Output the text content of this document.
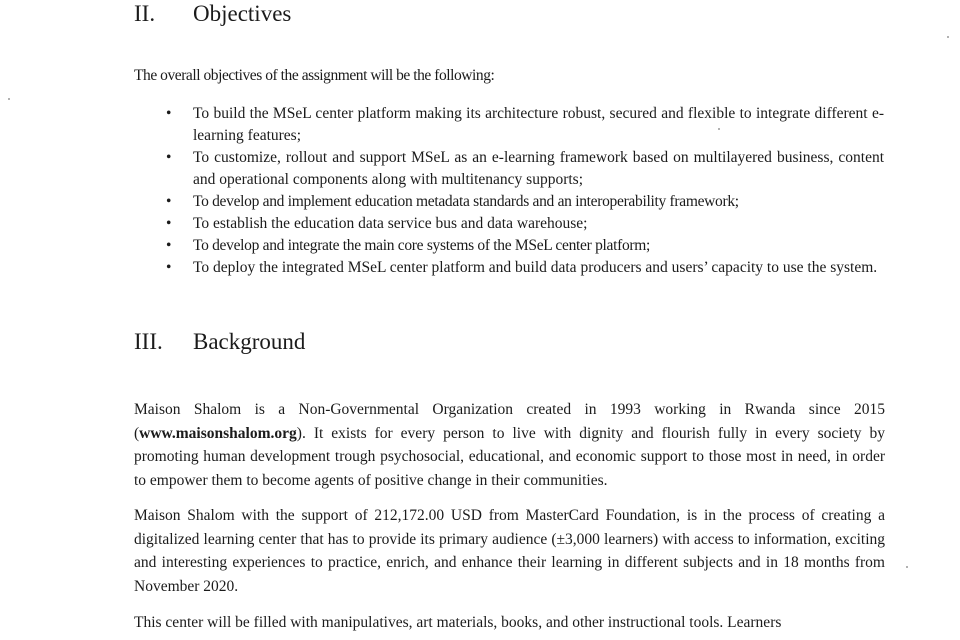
II.	Objectives
The overall objectives of the assignment will be the following:
• To build the MSeL center platform making its architecture robust, secured and flexible to integrate different e-learning features;
• To customize, rollout and support MSeL as an e-learning framework based on multilayered business, content and operational components along with multitenancy supports;
• To develop and implement education metadata standards and an interoperability framework;
• To establish the education data service bus and data warehouse;
• To develop and integrate the main core systems of the MSeL center platform;
• To deploy the integrated MSeL center platform and build data producers and users’ capacity to use the system.
III.	Background

Maison Shalom is a Non-Governmental Organization created in 1993 working in Rwanda since 2015 (www.maisonshalom.org). It exists for every person to live with dignity and flourish fully in every society by promoting human development trough psychosocial, educational, and economic support to those most in need, in order to empower them to become agents of positive change in their communities.

Maison Shalom with the support of 212,172.00 USD from MasterCard Foundation, is in the process of creating a digitalized learning center that has to provide its primary audience (±3,000 learners) with access to information, exciting and interesting experiences to practice, enrich, and enhance their learning in different subjects and in 18 months from November 2020.

This center will be filled with manipulatives, art materials, books, and other instructional tools. Learners
